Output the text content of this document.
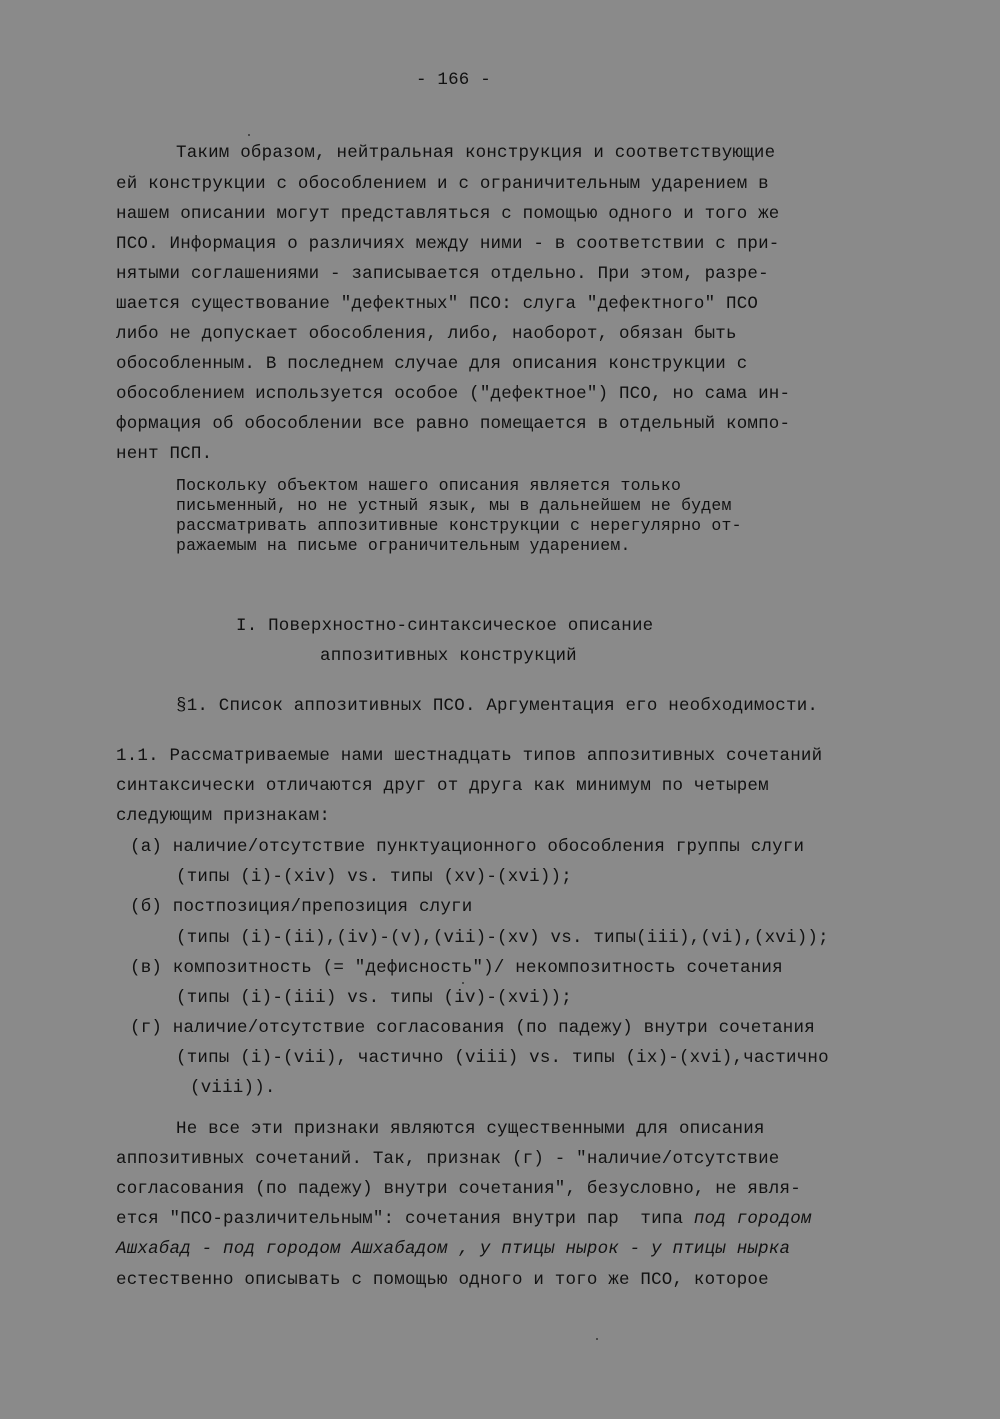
- 166 -
Таким образом, нейтральная конструкция и соответствующие
ей конструкции с обособлением и с ограничительным ударением в
нашем описании могут представляться с помощью одного и того же
ПСО. Информация о различиях между ними - в соответствии с при-
нятыми соглашениями - записывается отдельно. При этом, разре-
шается существование "дефектных" ПСО: слуга "дефектного" ПСО
либо не допускает обособления, либо, наоборот, обязан быть
обособленным. В последнем случае для описания конструкции с
обособлением используется особое ("дефектное") ПСО, но сама ин-
формация об обособлении все равно помещается в отдельный компо-
нент ПСП.
Поскольку объектом нашего описания является только
письменный, но не устный язык, мы в дальнейшем не будем
рассматривать аппозитивные конструкции с нерегулярно от-
ражаемым на письме ограничительным ударением.
I. Поверхностно-синтаксическое описание
аппозитивных конструкций
§1. Список аппозитивных ПСО. Аргументация его необходимости.
1.1. Рассматриваемые нами шестнадцать типов аппозитивных сочетаний
синтаксически отличаются друг от друга как минимум по четырем
следующим признакам:
(а) наличие/отсутствие пунктуационного обособления группы слуги
(типы (i)-(xiv) vs. типы (xv)-(xvi));
(б) постпозиция/препозиция слуги
(типы (i)-(ii),(iv)-(v),(vii)-(xv) vs. типы(iii),(vi),(xvi));
(в) композитность (= "дефисность")/ некомпозитность сочетания
(типы (i)-(iii) vs. типы (iv)-(xvi));
(г) наличие/отсутствие согласования (по падежу) внутри сочетания
(типы (i)-(vii), частично (viii) vs. типы (ix)-(xvi),частично
(viii)).
Не все эти признаки являются существенными для описания
аппозитивных сочетаний. Так, признак (г) - "наличие/отсутствие
согласования (по падежу) внутри сочетания", безусловно, не явля-
ется "ПСО-различительным": сочетания внутри пар  типа под городом
Ашхабад - под городом Ашхабадом , у птицы нырок - у птицы нырка
естественно описывать с помощью одного и того же ПСО, которое
